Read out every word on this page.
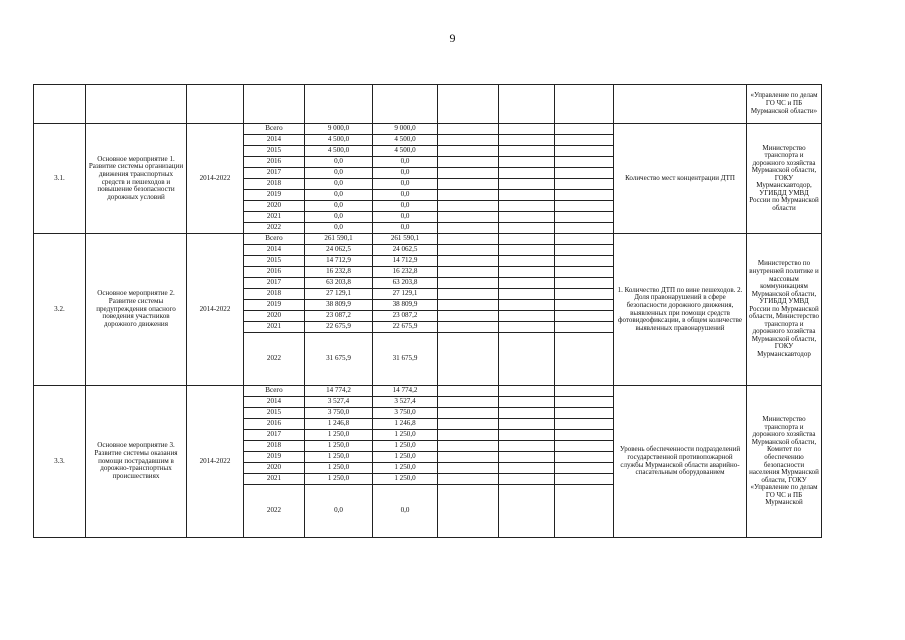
9
										«Управление по делам ГО ЧС и ПБ Мурманской области»
3.1.	Основное мероприятие 1. Развитие системы организации движения транспортных средств и пешеходов и повышение безопасности дорожных условий	2014-2022	Всего	9 000,0	9 000,0				Количество мест концентрации ДТП	Министерство транспорта и дорожного хозяйства Мурманской области, ГОКУ Мурманскавтодор, УГИБДД УМВД России по Мурманской области
			2014	4 500,0	4 500,0					
			2015	4 500,0	4 500,0					
			2016	0,0	0,0					
			2017	0,0	0,0					
			2018	0,0	0,0					
			2019	0,0	0,0					
			2020	0,0	0,0					
			2021	0,0	0,0					
			2022	0,0	0,0					
3.2.	Основное мероприятие 2. Развитие системы предупреждения опасного поведения участников дорожного движения	2014-2022	Всего	261 590,1	261 590,1				1. Количество ДТП по вине пешеходов. 2. Доля правонарушений в сфере безопасности дорожного движения, выявленных при помощи средств фотовидеофиксации, в общем количестве выявленных правонарушений	Министерство по внутренней политике и массовым коммуникациям Мурманской области, УГИБДД УМВД России по Мурманской области, Министерство транспорта и дорожного хозяйства Мурманской области, ГОКУ Мурманскавтодор
			2014	24 062,5	24 062,5					
			2015	14 712,9	14 712,9					
			2016	16 232,8	16 232,8					
			2017	63 203,8	63 203,8					
			2018	27 129,1	27 129,1					
			2019	38 809,9	38 809,9					
			2020	23 087,2	23 087,2					
			2021	22 675,9	22 675,9					
			2022	31 675,9	31 675,9					
3.3.	Основное мероприятие 3. Развитие системы оказания помощи пострадавшим в дорожно-транспортных происшествиях	2014-2022	Всего	14 774,2	14 774,2				Уровень обеспеченности подразделений государственной противопожарной службы Мурманской области аварийно-спасательным оборудованием	Министерство транспорта и дорожного хозяйства Мурманской области, Комитет по обеспечению безопасности населения Мурманской области, ГОКУ «Управление по делам ГО ЧС и ПБ Мурманской
			2014	3 527,4	3 527,4					
			2015	3 750,0	3 750,0					
			2016	1 246,8	1 246,8					
			2017	1 250,0	1 250,0					
			2018	1 250,0	1 250,0					
			2019	1 250,0	1 250,0					
			2020	1 250,0	1 250,0					
			2021	1 250,0	1 250,0					
			2022	0,0	0,0					
